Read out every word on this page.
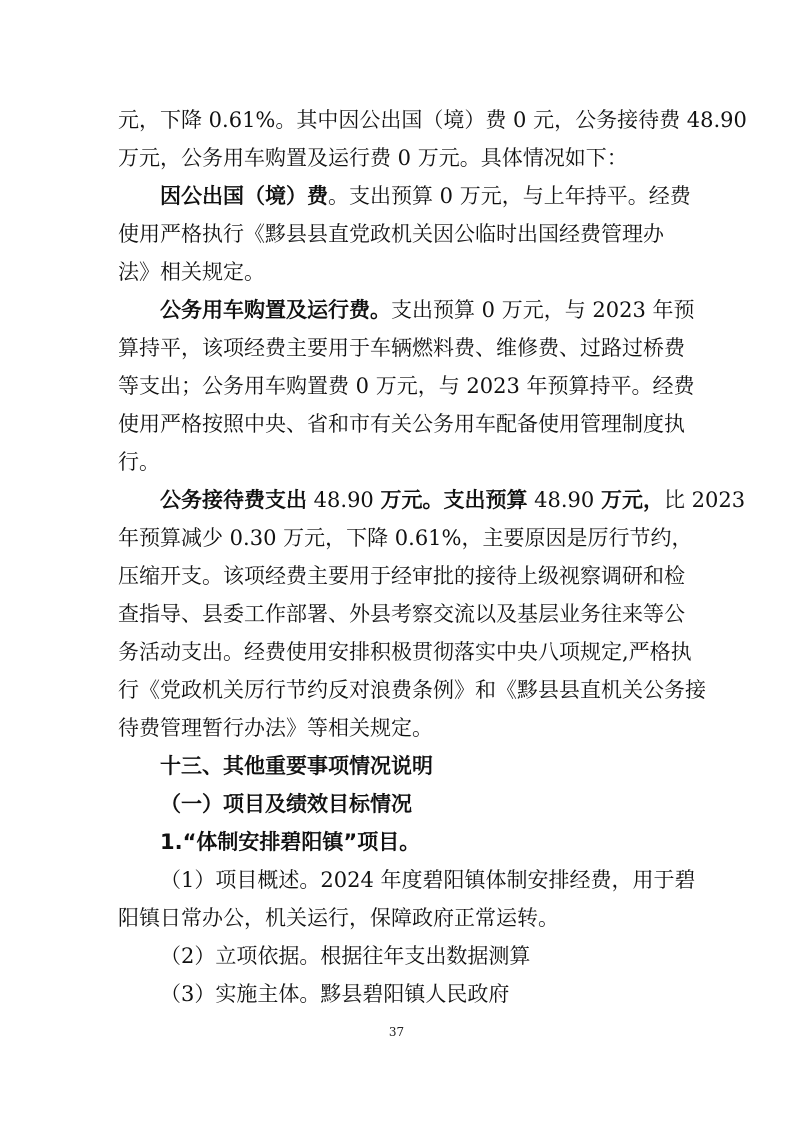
元，下降 0.61%。其中因公出国（境）费 0 元，公务接待费 48.90
万元，公务用车购置及运行费 0 万元。具体情况如下：
因公出国（境）费。支出预算 0 万元，与上年持平。经费
使用严格执行《黟县县直党政机关因公临时出国经费管理办
法》相关规定。
公务用车购置及运行费。支出预算 0 万元，与 2023 年预
算持平，该项经费主要用于车辆燃料费、维修费、过路过桥费
等支出；公务用车购置费 0 万元，与 2023 年预算持平。经费
使用严格按照中央、省和市有关公务用车配备使用管理制度执
行。
公务接待费支出 48.90 万元。支出预算 48.90 万元，比 2023
年预算减少 0.30 万元，下降 0.61%，主要原因是厉行节约，
压缩开支。该项经费主要用于经审批的接待上级视察调研和检
查指导、县委工作部署、外县考察交流以及基层业务往来等公
务活动支出。经费使用安排积极贯彻落实中央八项规定,严格执
行《党政机关厉行节约反对浪费条例》和《黟县县直机关公务接
待费管理暂行办法》等相关规定。
十三、其他重要事项情况说明
（一）项目及绩效目标情况
1.“体制安排碧阳镇”项目。
（1）项目概述。2024 年度碧阳镇体制安排经费，用于碧
阳镇日常办公，机关运行，保障政府正常运转。
（2）立项依据。根据往年支出数据测算
（3）实施主体。黟县碧阳镇人民政府
37
